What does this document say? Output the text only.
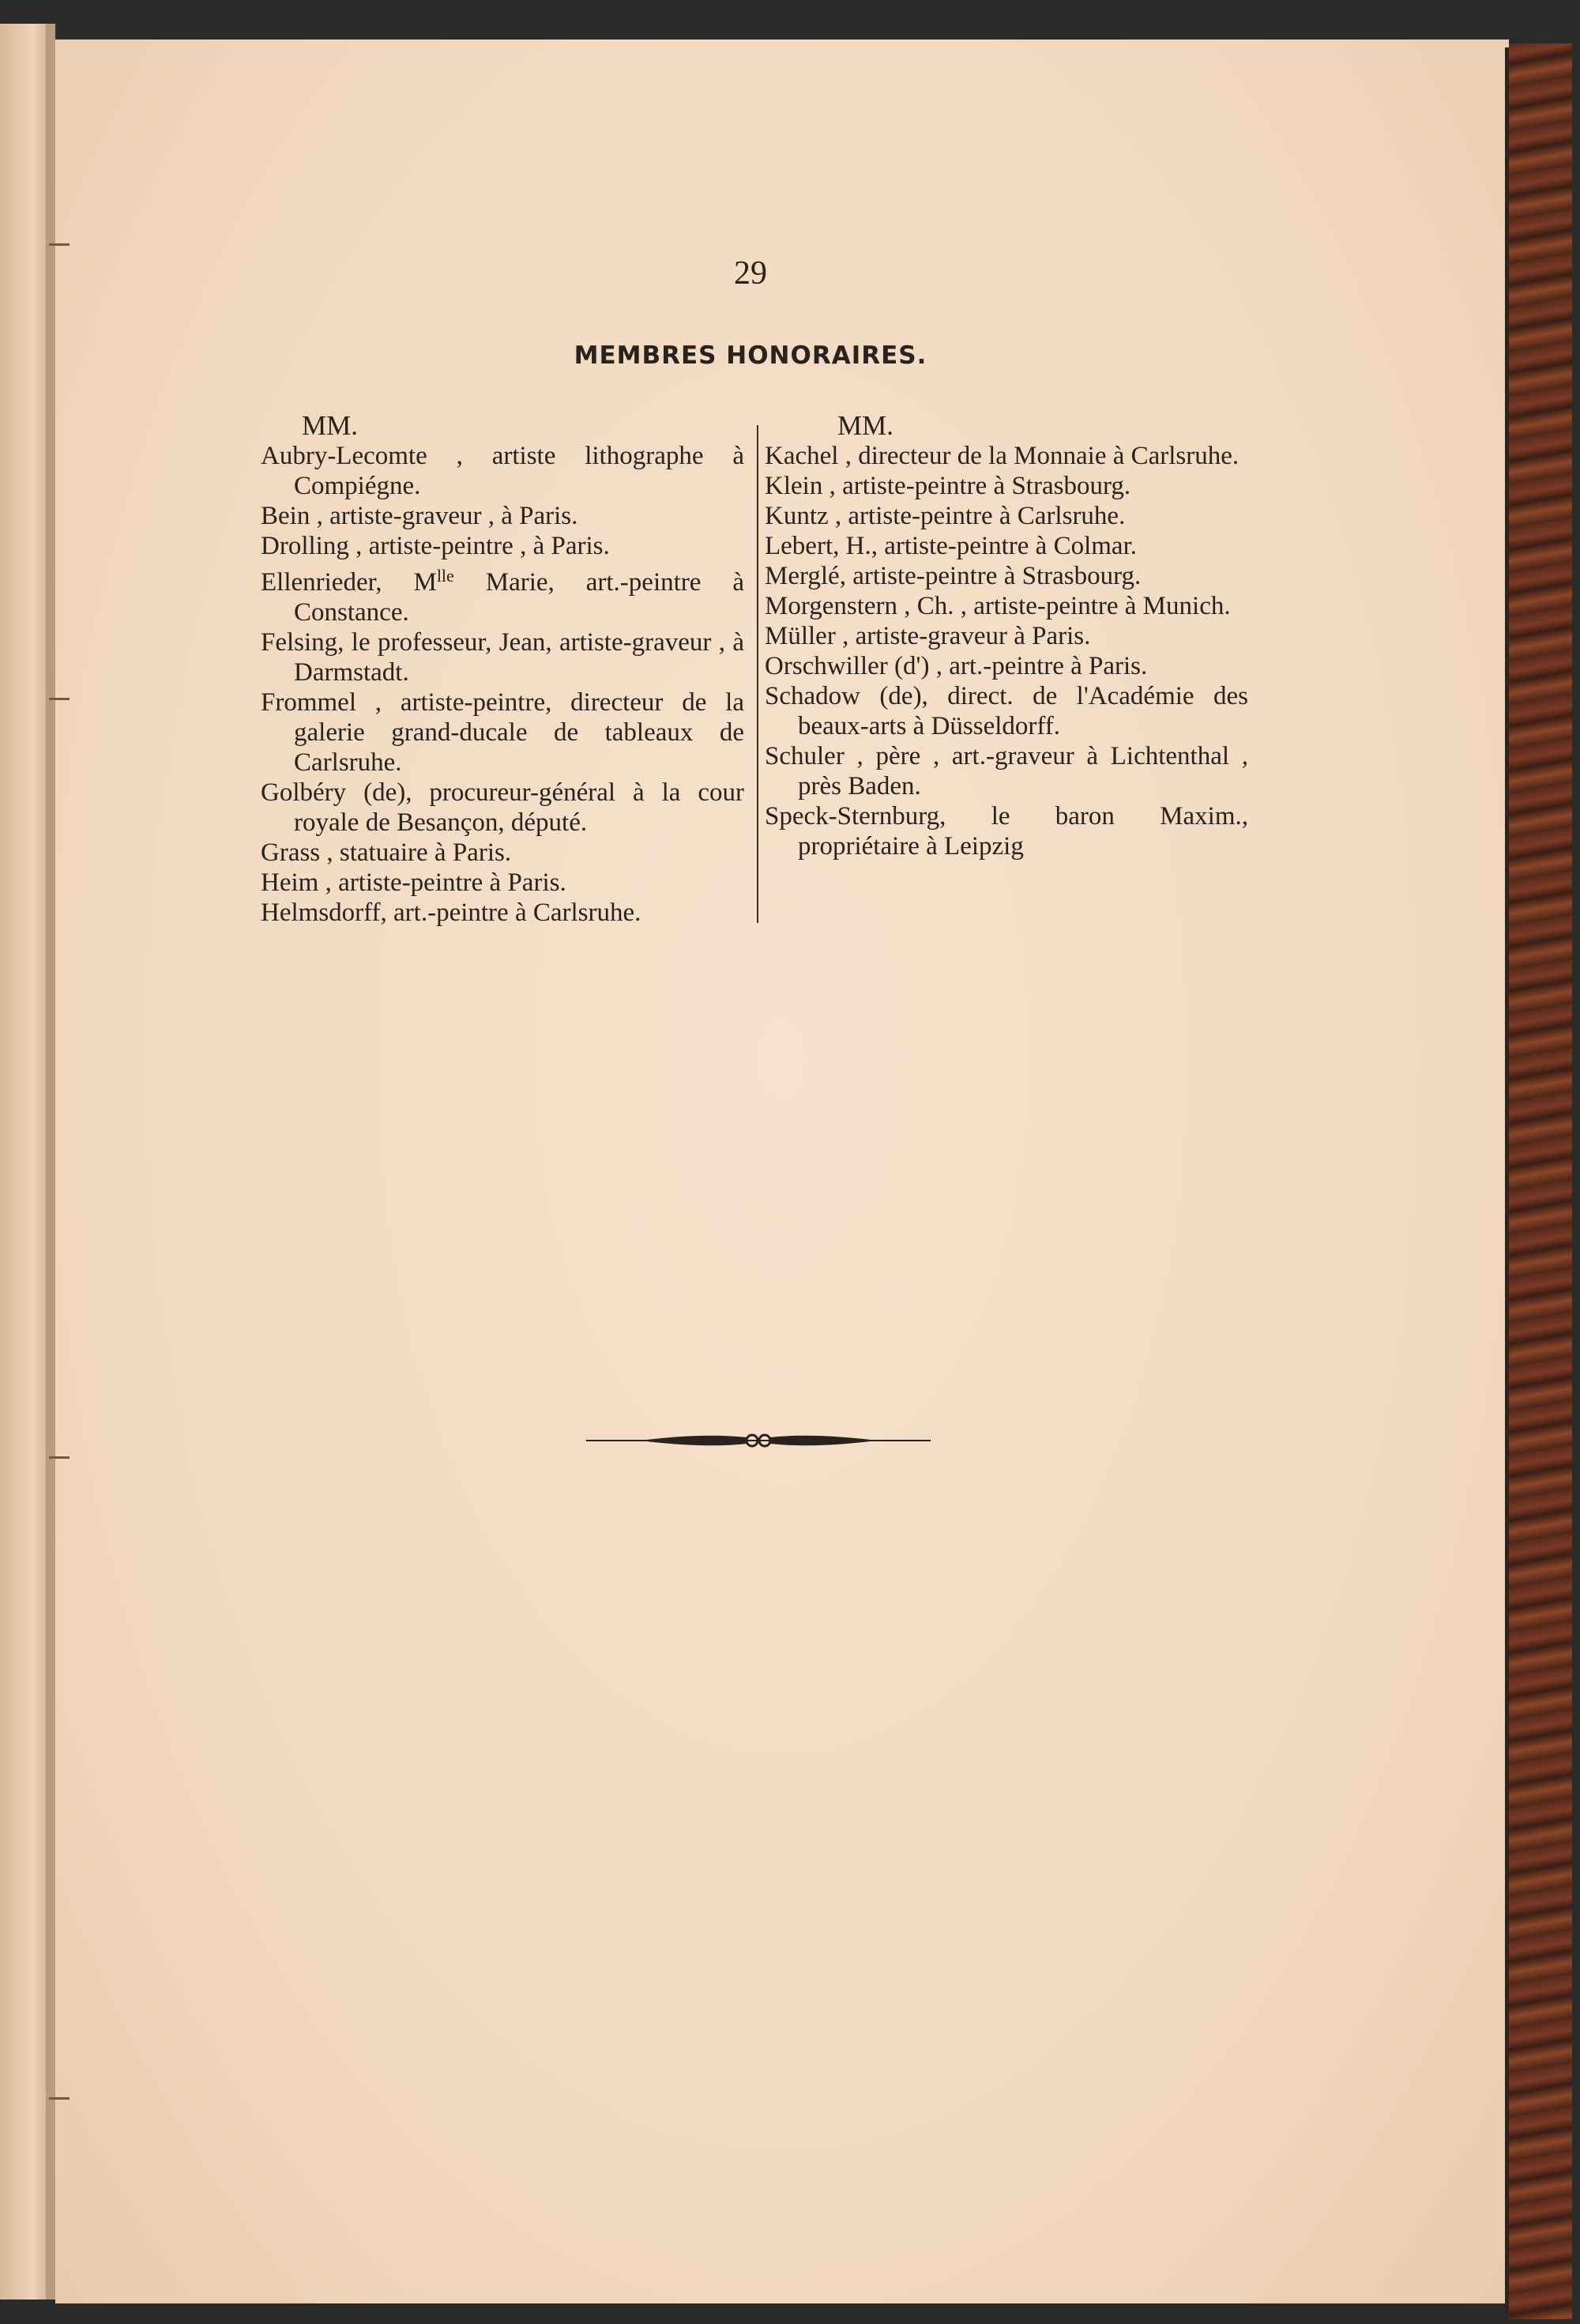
29
MEMBRES HONORAIRES.
MM.

Aubry-Lecomte , artiste lithographe à Compiégne.

Bein , artiste-graveur , à Paris.

Drolling , artiste-peintre , à Paris.

Ellenrieder, $M^{lle}$ Marie, art.-peintre à Constance.

Felsing, le professeur, Jean, artiste-graveur , à Darmstadt.

Frommel , artiste-peintre, directeur de la galerie grand-ducale de tableaux de Carlsruhe.

Golbéry (de), procureur-général à la cour royale de Besançon, député.

Grass , statuaire à Paris.

Heim , artiste-peintre à Paris.

Helmsdorff, art.-peintre à Carlsruhe.

MM.

Kachel , directeur de la Monnaie à Carlsruhe.

Klein , artiste-peintre à Strasbourg.

Kuntz , artiste-peintre à Carlsruhe.

Lebert, H., artiste-peintre à Colmar.

Merglé, artiste-peintre à Strasbourg.

Morgenstern , Ch. , artiste-peintre à Munich.

Müller , artiste-graveur à Paris.

Orschwiller (d') , art.-peintre à Paris.

Schadow (de), direct. de l'Académie des beaux-arts à Düsseldorff.

Schuler , père , art.-graveur à Lichtenthal , près Baden.

Speck-Sternburg, le baron Maxim., propriétaire à Leipzig
